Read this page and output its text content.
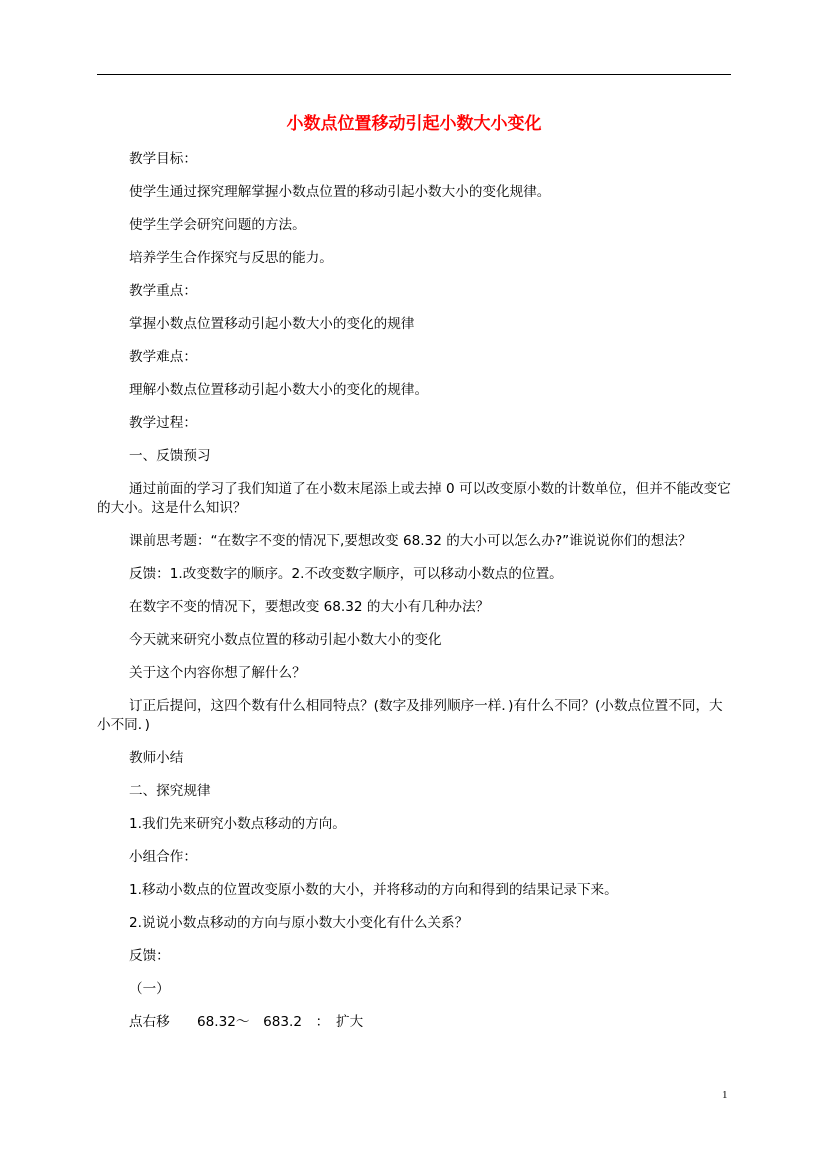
小数点位置移动引起小数大小变化

教学目标：

使学生通过探究理解掌握小数点位置的移动引起小数大小的变化规律。

使学生学会研究问题的方法。

培养学生合作探究与反思的能力。

教学重点：

掌握小数点位置移动引起小数大小的变化的规律

教学难点：

理解小数点位置移动引起小数大小的变化的规律。

教学过程：

一、反馈预习

通过前面的学习了我们知道了在小数末尾添上或去掉 0 可以改变原小数的计数单位，但并不能改变它的大小。这是什么知识？

课前思考题：“在数字不变的情况下,要想改变 68.32 的大小可以怎么办?”谁说说你们的想法？

反馈：1.改变数字的顺序。2.不改变数字顺序，可以移动小数点的位置。

在数字不变的情况下，要想改变 68.32 的大小有几种办法？

今天就来研究小数点位置的移动引起小数大小的变化

关于这个内容你想了解什么？

订正后提问，这四个数有什么相同特点？(数字及排列顺序一样．)有什么不同？(小数点位置不同，大小不同．)

教师小结

二、探究规律

1.我们先来研究小数点移动的方向。

小组合作：

1.移动小数点的位置改变原小数的大小，并将移动的方向和得到的结果记录下来。

2.说说小数点移动的方向与原小数大小变化有什么关系？

反馈：

（一）

点右移　　68.32～　683.2　：　扩大

1
